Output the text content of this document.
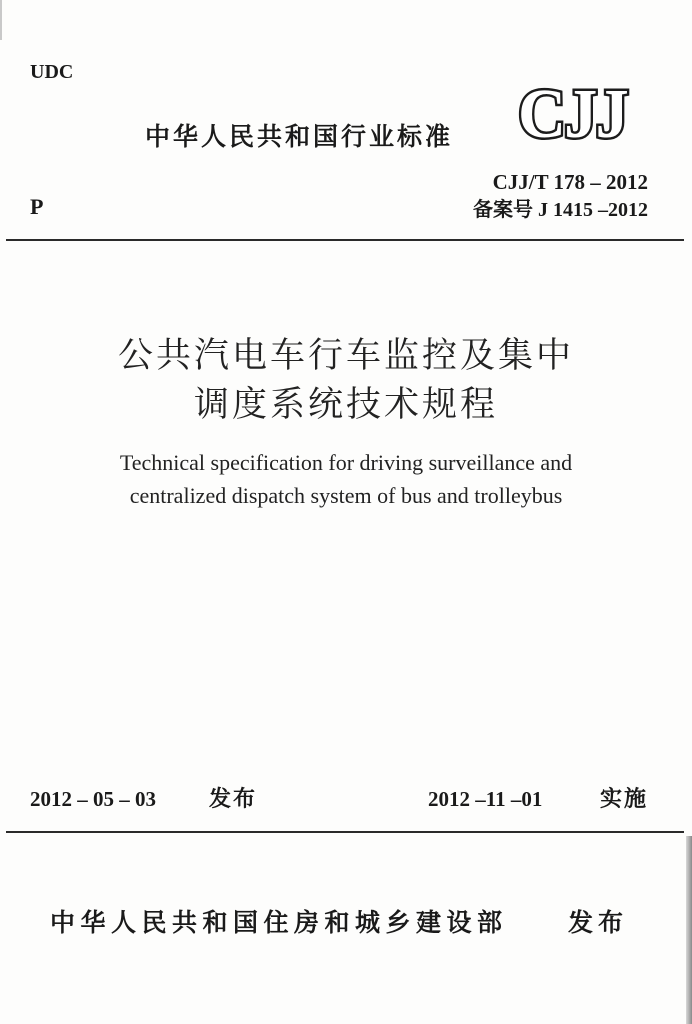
UDC
中华人民共和国行业标准 CJJ
CJJ/T 178 – 2012
P	备案号 J 1415 –2012
公共汽电车行车监控及集中
调度系统技术规程
Technical specification for driving surveillance and
centralized dispatch system of bus and trolleybus
2012 – 05 – 03 发布	2012 –11 –01	实施
中华人民共和国住房和城乡建设部 发布
